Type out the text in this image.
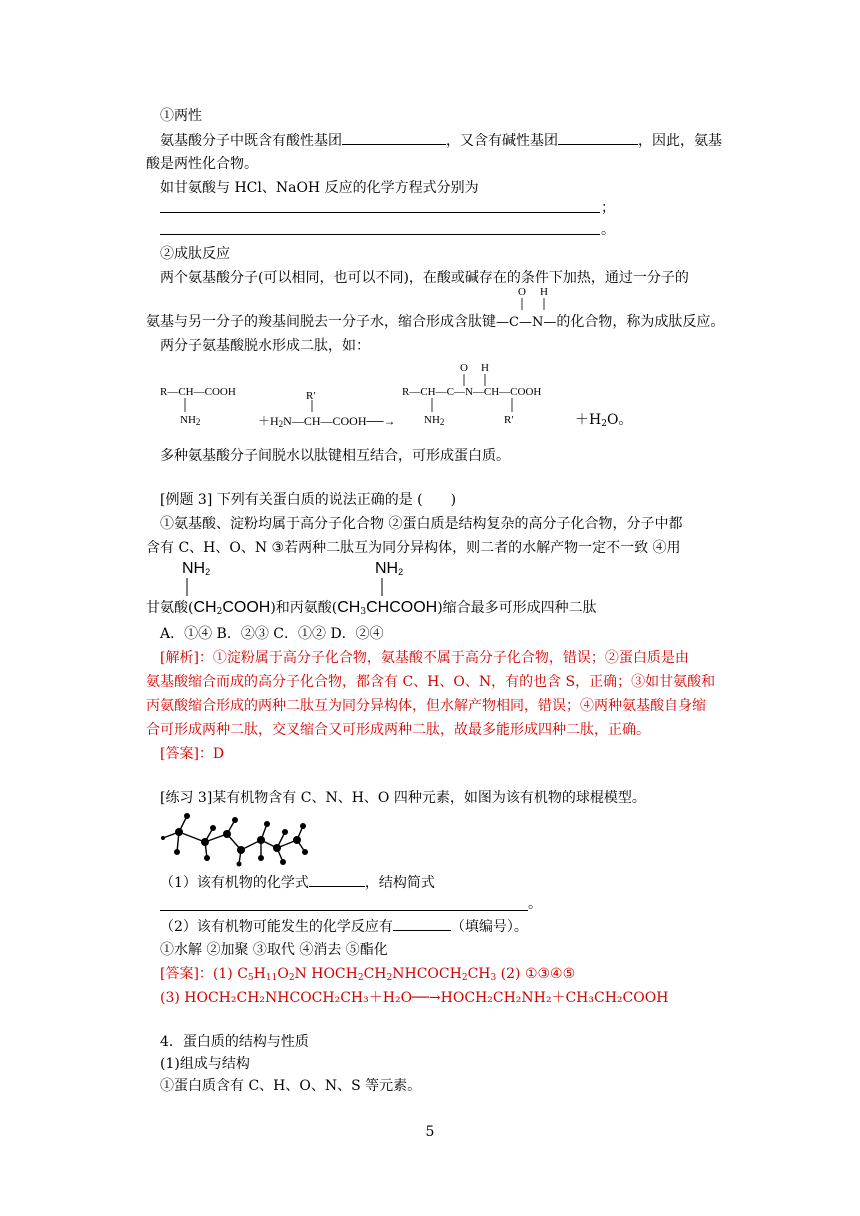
①两性
氨基酸分子中既含有酸性基团	，又含有碱性基团	，因此，氨基
酸是两性化合物。
如甘氨酸与 HCl、NaOH 反应的化学方程式分别为
；
。
②成肽反应
两个氨基酸分子(可以相同，也可以不同)，在酸或碱存在的条件下加热，通过一分子的
O H
氨基与另一分子的羧基间脱去一分子水，缩合形成含肽键—C—N—的化合物，称为成肽反应。
两分子氨基酸脱水形成二肽，如：
R—CH—COOH
$NH_2$
R′
$+H_2N—CH—COOH──\to$
O H
R—CH—C—N—CH—COOH
$NH_2$	R′	$+H_2O$。
多种氨基酸分子间脱水以肽键相互结合，可形成蛋白质。
[例题 3] 下列有关蛋白质的说法正确的是 (　　)
①氨基酸、淀粉均属于高分子化合物 ②蛋白质是结构复杂的高分子化合物，分子中都
含有 C、H、O、N ③若两种二肽互为同分异构体，则二者的水解产物一定不一致 ④用
$NH_2$	$NH_2$
甘氨酸$(CH_2COOH)$和丙氨酸$(CH_3CHCOOH)$缩合最多可形成四种二肽
A．①④ B．②③ C．①② D．②④
[解析]：①淀粉属于高分子化合物，氨基酸不属于高分子化合物，错误；②蛋白质是由
氨基酸缩合而成的高分子化合物，都含有 C、H、O、N，有的也含 S，正确；③如甘氨酸和
丙氨酸缩合形成的两种二肽互为同分异构体，但水解产物相同，错误；④两种氨基酸自身缩
合可形成两种二肽，交叉缩合又可形成两种二肽，故最多能形成四种二肽，正确。
[答案]：D
[练习 3]某有机物含有 C、N、H、O 四种元素，如图为该有机物的球棍模型。
（1）该有机物的化学式	，结构简式
。
（2）该有机物可能发生的化学反应有	（填编号）。
①水解 ②加聚 ③取代 ④消去 ⑤酯化
[答案]：(1) $C_5H_{11}O_2N$ $HOCH_2CH_2NHCOCH_2CH_3$ (2) ①③④⑤
(3) HOCH₂CH₂NHCOCH₂CH₃＋H₂O──→HOCH₂CH₂NH₂＋CH₃CH₂COOH
4．蛋白质的结构与性质
(1)组成与结构
①蛋白质含有 C、H、O、N、S 等元素。
5
